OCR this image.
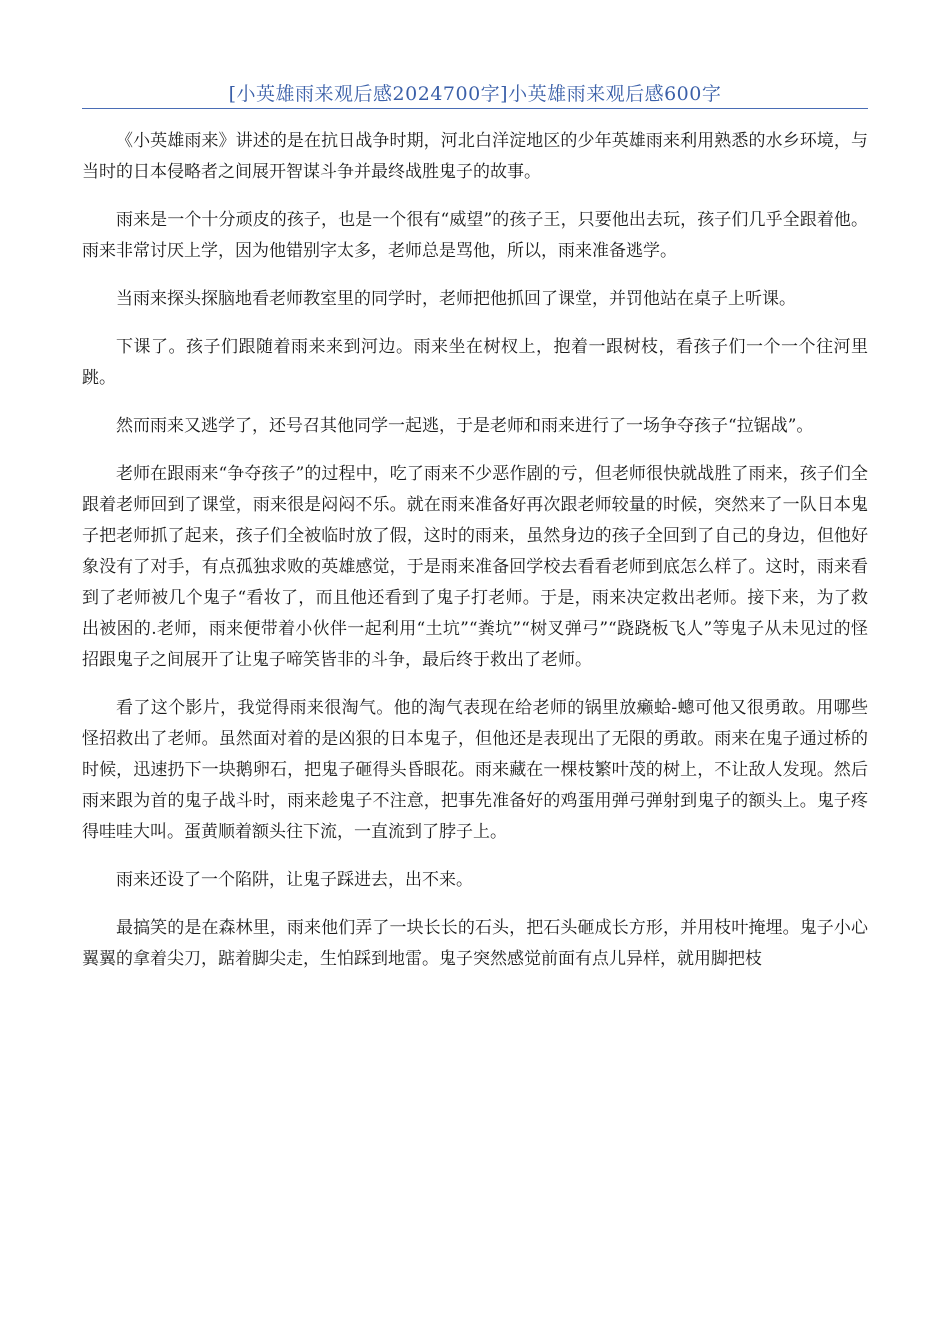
[小英雄雨来观后感2024700字]小英雄雨来观后感600字

《小英雄雨来》讲述的是在抗日战争时期，河北白洋淀地区的少年英雄雨来利用熟悉的水乡环境，与当时的日本侵略者之间展开智谋斗争并最终战胜鬼子的故事。

雨来是一个十分顽皮的孩子，也是一个很有“威望”的孩子王，只要他出去玩，孩子们几乎全跟着他。雨来非常讨厌上学，因为他错别字太多，老师总是骂他，所以，雨来准备逃学。

当雨来探头探脑地看老师教室里的同学时，老师把他抓回了课堂，并罚他站在桌子上听课。

下课了。孩子们跟随着雨来来到河边。雨来坐在树杈上，抱着一跟树枝，看孩子们一个一个往河里跳。

然而雨来又逃学了，还号召其他同学一起逃，于是老师和雨来进行了一场争夺孩子“拉锯战”。

老师在跟雨来“争夺孩子”的过程中，吃了雨来不少恶作剧的亏，但老师很快就战胜了雨来，孩子们全跟着老师回到了课堂，雨来很是闷闷不乐。就在雨来准备好再次跟老师较量的时候，突然来了一队日本鬼子把老师抓了起来，孩子们全被临时放了假，这时的雨来，虽然身边的孩子全回到了自己的身边，但他好象没有了对手，有点孤独求败的英雄感觉，于是雨来准备回学校去看看老师到底怎么样了。这时，雨来看到了老师被几个鬼子“看妆了，而且他还看到了鬼子打老师。于是，雨来决定救出老师。接下来，为了救出被困的.老师，雨来便带着小伙伴一起利用“土坑”“粪坑”“树叉弹弓”“跷跷板飞人”等鬼子从未见过的怪招跟鬼子之间展开了让鬼子啼笑皆非的斗争，最后终于救出了老师。

看了这个影片，我觉得雨来很淘气。他的淘气表现在给老师的锅里放癞蛤-蟌可他又很勇敢。用哪些怪招救出了老师。虽然面对着的是凶狠的日本鬼子，但他还是表现出了无限的勇敢。雨来在鬼子通过桥的时候，迅速扔下一块鹅卵石，把鬼子砸得头昏眼花。雨来藏在一棵枝繁叶茂的树上，不让敌人发现。然后雨来跟为首的鬼子战斗时，雨来趁鬼子不注意，把事先准备好的鸡蛋用弹弓弹射到鬼子的额头上。鬼子疼得哇哇大叫。蛋黄顺着额头往下流，一直流到了脖子上。

雨来还设了一个陷阱，让鬼子踩进去，出不来。

最搞笑的是在森林里，雨来他们弄了一块长长的石头，把石头砸成长方形，并用枝叶掩埋。鬼子小心翼翼的拿着尖刀，踮着脚尖走，生怕踩到地雷。鬼子突然感觉前面有点儿异样，就用脚把枝
